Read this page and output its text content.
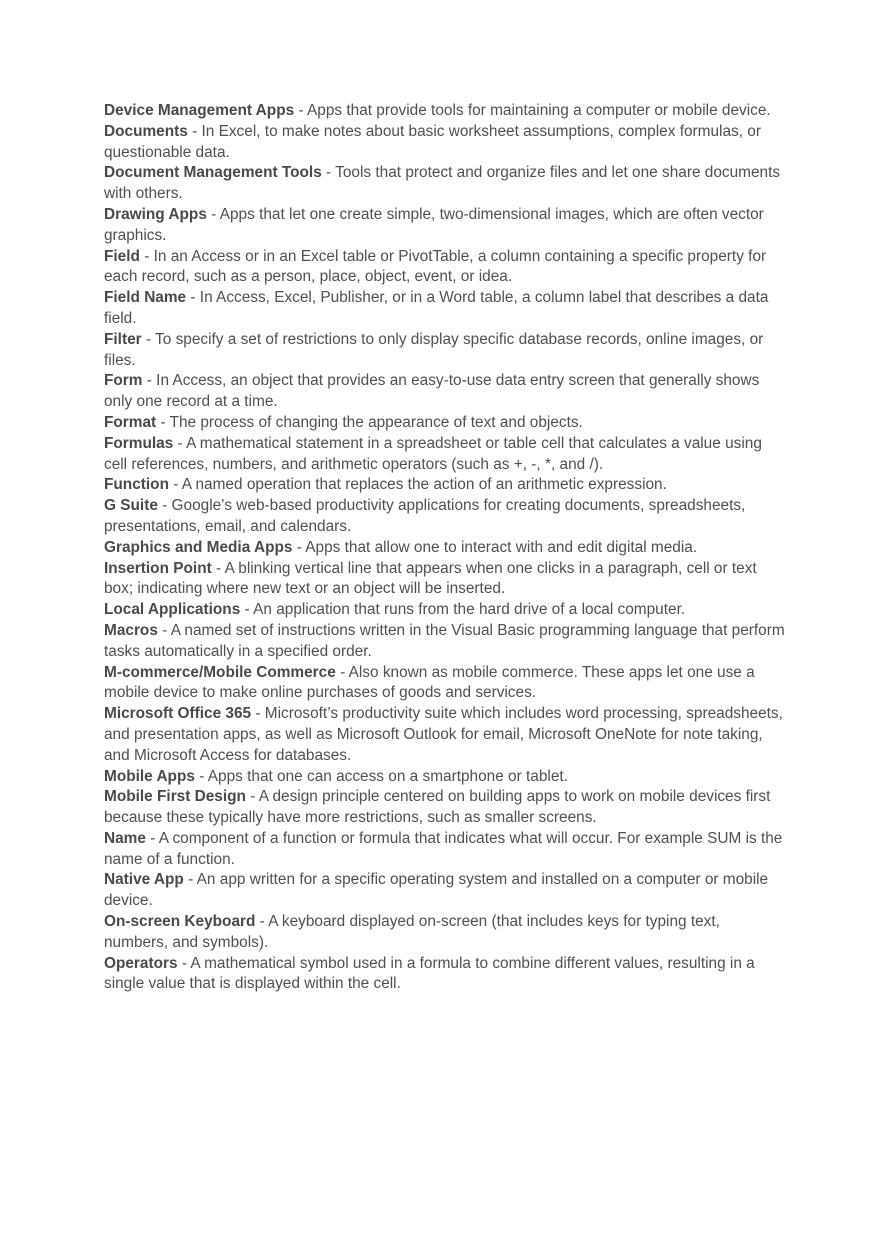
Device Management Apps - Apps that provide tools for maintaining a computer or mobile device.
Documents - In Excel, to make notes about basic worksheet assumptions, complex formulas, or questionable data.
Document Management Tools - Tools that protect and organize files and let one share documents with others.
Drawing Apps - Apps that let one create simple, two-dimensional images, which are often vector graphics.
Field - In an Access or in an Excel table or PivotTable, a column containing a specific property for each record, such as a person, place, object, event, or idea.
Field Name - In Access, Excel, Publisher, or in a Word table, a column label that describes a data field.
Filter - To specify a set of restrictions to only display specific database records, online images, or files.
Form - In Access, an object that provides an easy-to-use data entry screen that generally shows only one record at a time.
Format - The process of changing the appearance of text and objects.
Formulas - A mathematical statement in a spreadsheet or table cell that calculates a value using cell references, numbers, and arithmetic operators (such as +, -, *, and /).
Function - A named operation that replaces the action of an arithmetic expression.
G Suite - Google’s web-based productivity applications for creating documents, spreadsheets, presentations, email, and calendars.
Graphics and Media Apps - Apps that allow one to interact with and edit digital media.
Insertion Point - A blinking vertical line that appears when one clicks in a paragraph, cell or text box; indicating where new text or an object will be inserted.
Local Applications - An application that runs from the hard drive of a local computer.
Macros - A named set of instructions written in the Visual Basic programming language that perform tasks automatically in a specified order.
M-commerce/Mobile Commerce - Also known as mobile commerce. These apps let one use a mobile device to make online purchases of goods and services.
Microsoft Office 365 - Microsoft’s productivity suite which includes word processing, spreadsheets, and presentation apps, as well as Microsoft Outlook for email, Microsoft OneNote for note taking, and Microsoft Access for databases.
Mobile Apps - Apps that one can access on a smartphone or tablet.
Mobile First Design - A design principle centered on building apps to work on mobile devices first because these typically have more restrictions, such as smaller screens.
Name - A component of a function or formula that indicates what will occur. For example SUM is the name of a function.
Native App - An app written for a specific operating system and installed on a computer or mobile device.
On-screen Keyboard - A keyboard displayed on-screen (that includes keys for typing text, numbers, and symbols).
Operators - A mathematical symbol used in a formula to combine different values, resulting in a single value that is displayed within the cell.
